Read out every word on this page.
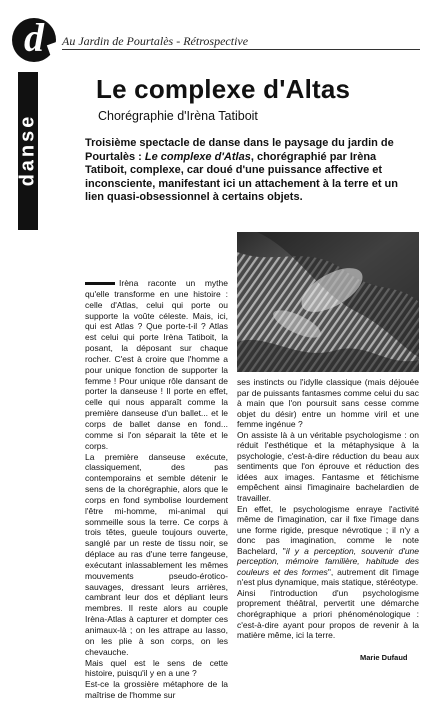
d	Au Jardin de Pourtalès - Rétrospective
danse
Le complexe d'Altas
Chorégraphie d'Irèna Tatiboit
Troisième spectacle de danse dans le paysage du jardin de Pourtalès : Le complexe d'Atlas, chorégraphié par Irèna Tatiboit, complexe, car doué d'une puissance affective et inconsciente, manifestant ici un attachement à la terre et un lien quasi-obsessionnel à certains objets.

Irèna raconte un mythe qu'elle transforme en une histoire : celle d'Atlas, celui qui porte ou supporte la voûte céleste. Mais, ici, qui est Atlas ? Que porte-t-il ? Atlas est celui qui porte Irèna Tatiboit, la posant, la déposant sur chaque rocher. C'est à croire que l'homme a pour unique fonction de supporter la femme ! Pour unique rôle dansant de porter la danseuse ! Il porte en effet, celle qui nous apparaît comme la première danseuse d'un ballet... et le corps de ballet danse en fond... comme si l'on séparait la tête et le corps.

La première danseuse exécute, classiquement, des pas contemporains et semble détenir le sens de la chorégraphie, alors que le corps en fond symbolise lourdement l'être mi-homme, mi-animal qui sommeille sous la terre. Ce corps à trois têtes, gueule toujours ouverte, sanglé par un reste de tissu noir, se déplace au ras d'une terre fangeuse, exécutant inlassablement les mêmes mouvements pseudo-érotico-sauvages, dressant leurs arrières, cambrant leur dos et dépliant leurs membres. Il reste alors au couple Irèna-Atlas à capturer et dompter ces animaux-là ; on les attrape au lasso, on les plie à son corps, on les chevauche.

Mais quel est le sens de cette histoire, puisqu'il y en a une ?

Est-ce la grossière métaphore de la maîtrise de l'homme sur

ses instincts ou l'idylle classique (mais déjouée par de puissants fantasmes comme celui du sac à main que l'on poursuit sans cesse comme objet du désir) entre un homme viril et une femme ingénue ?

On assiste là à un véritable psychologisme : on réduit l'esthétique et la métaphysique à la psychologie, c'est-à-dire réduction du beau aux sentiments que l'on éprouve et réduction des idées aux images. Fantasme et fétichisme empêchent ainsi l'imaginaire bachelardien de travailler.

En effet, le psychologisme enraye l'activité même de l'imagination, car il fixe l'image dans une forme rigide, presque névrotique ; il n'y a donc pas imagination, comme le note Bachelard, "il y a perception, souvenir d'une perception, mémoire familière, habitude des couleurs et des formes", autrement dit l'image n'est plus dynamique, mais statique, stéréotype.

Ainsi l'introduction d'un psychologisme proprement théâtral, pervertit une démarche chorégraphique a priori phénoménologique : c'est-à-dire ayant pour propos de revenir à la matière même, ici la terre.

Marie Dufaud
